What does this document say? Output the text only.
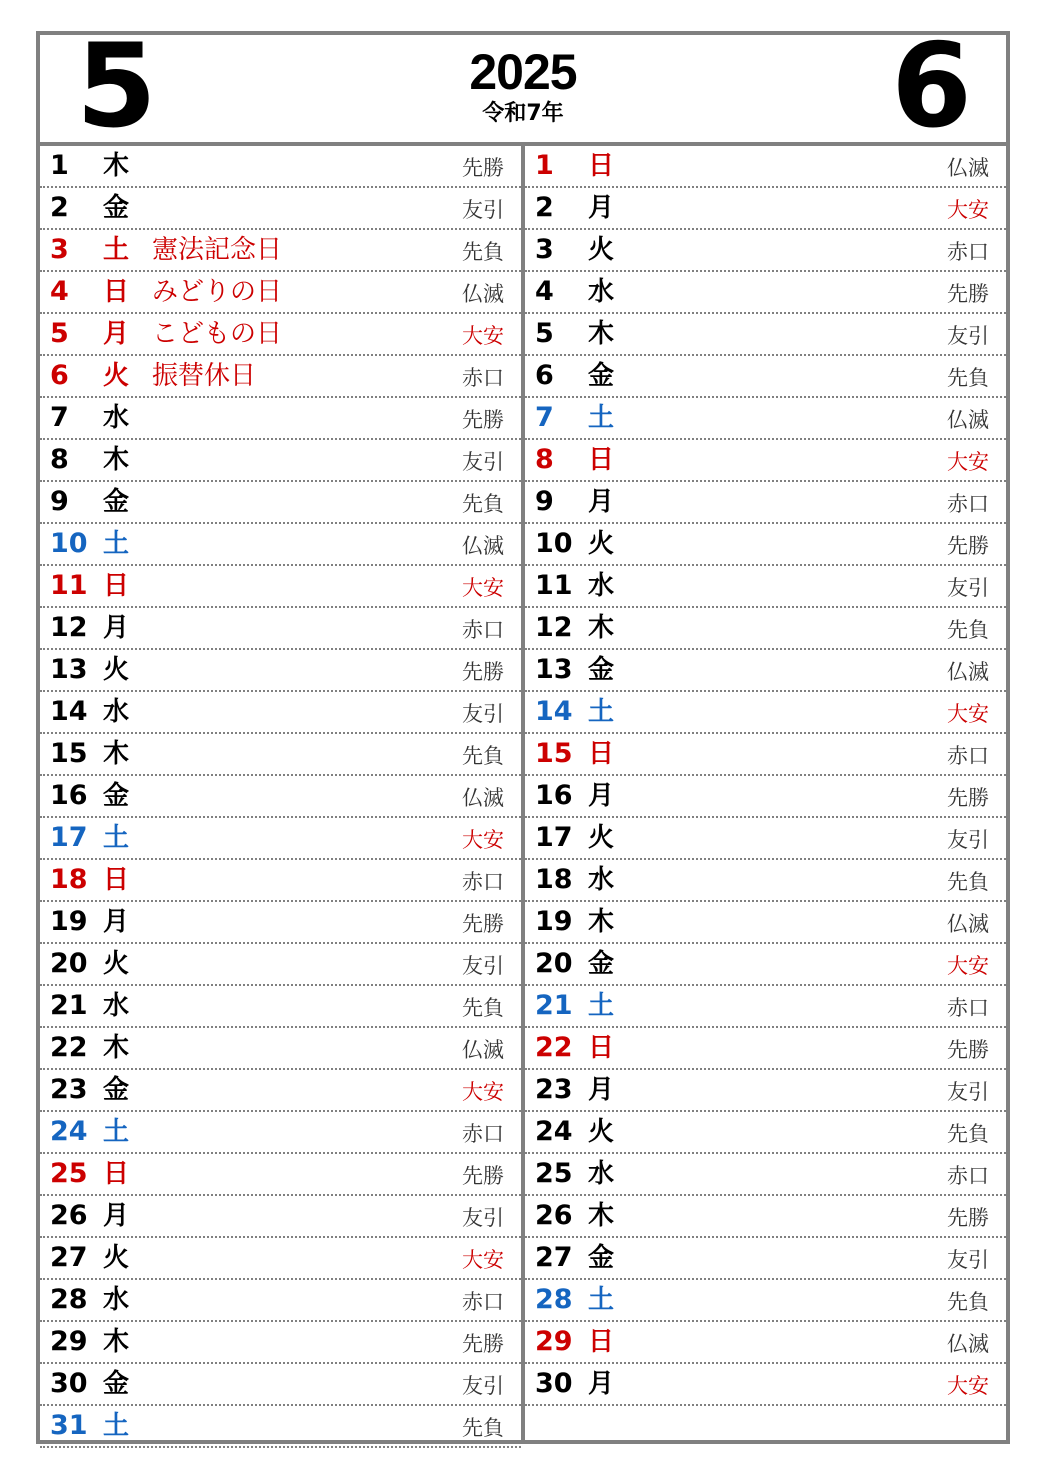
5	2025
令和7年	6
1 木	先勝
2 金	友引
3 土 憲法記念日	先負
4 日 みどりの日	仏滅
5 月 こどもの日	大安
6 火 振替休日	赤口
7 水	先勝
8 木	友引
9 金	先負
10 土	仏滅
11 日	大安
12 月	赤口
13 火	先勝
14 水	友引
15 木	先負
16 金	仏滅
17 土	大安
18 日	赤口
19 月	先勝
20 火	友引
21 水	先負
22 木	仏滅
23 金	大安
24 土	赤口
25 日	先勝
26 月	友引
27 火	大安
28 水	赤口
29 木	先勝
30 金	友引
31 土	先負
1 日	仏滅
2 月	大安
3 火	赤口
4 水	先勝
5 木	友引
6 金	先負
7 土	仏滅
8 日	大安
9 月	赤口
10 火	先勝
11 水	友引
12 木	先負
13 金	仏滅
14 土	大安
15 日	赤口
16 月	先勝
17 火	友引
18 水	先負
19 木	仏滅
20 金	大安
21 土	赤口
22 日	先勝
23 月	友引
24 火	先負
25 水	赤口
26 木	先勝
27 金	友引
28 土	先負
29 日	仏滅
30 月	大安
